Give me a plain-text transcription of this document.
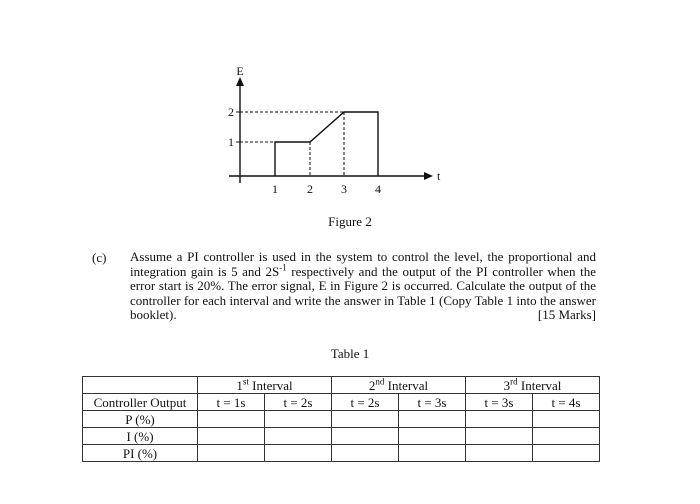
E
t
2
1
1 2 3 4
Figure 2
(c) Assume a PI controller is used in the system to control the level, the proportional and integration gain is 5 and $2S^{-1}$ respectively and the output of the PI controller when the error start is 20%. The error signal, E in Figure 2 is occurred. Calculate the output of the controller for each interval and write the answer in Table 1 (Copy Table 1 into the answer booklet).	[15 Marks]
Table 1
	1st Interval		2nd Interval		3rd Interval	
Controller Output	t = 1s	t = 2s	t = 2s	t = 3s	t = 3s	t = 4s
P (%)						
I (%)						
PI (%)						
